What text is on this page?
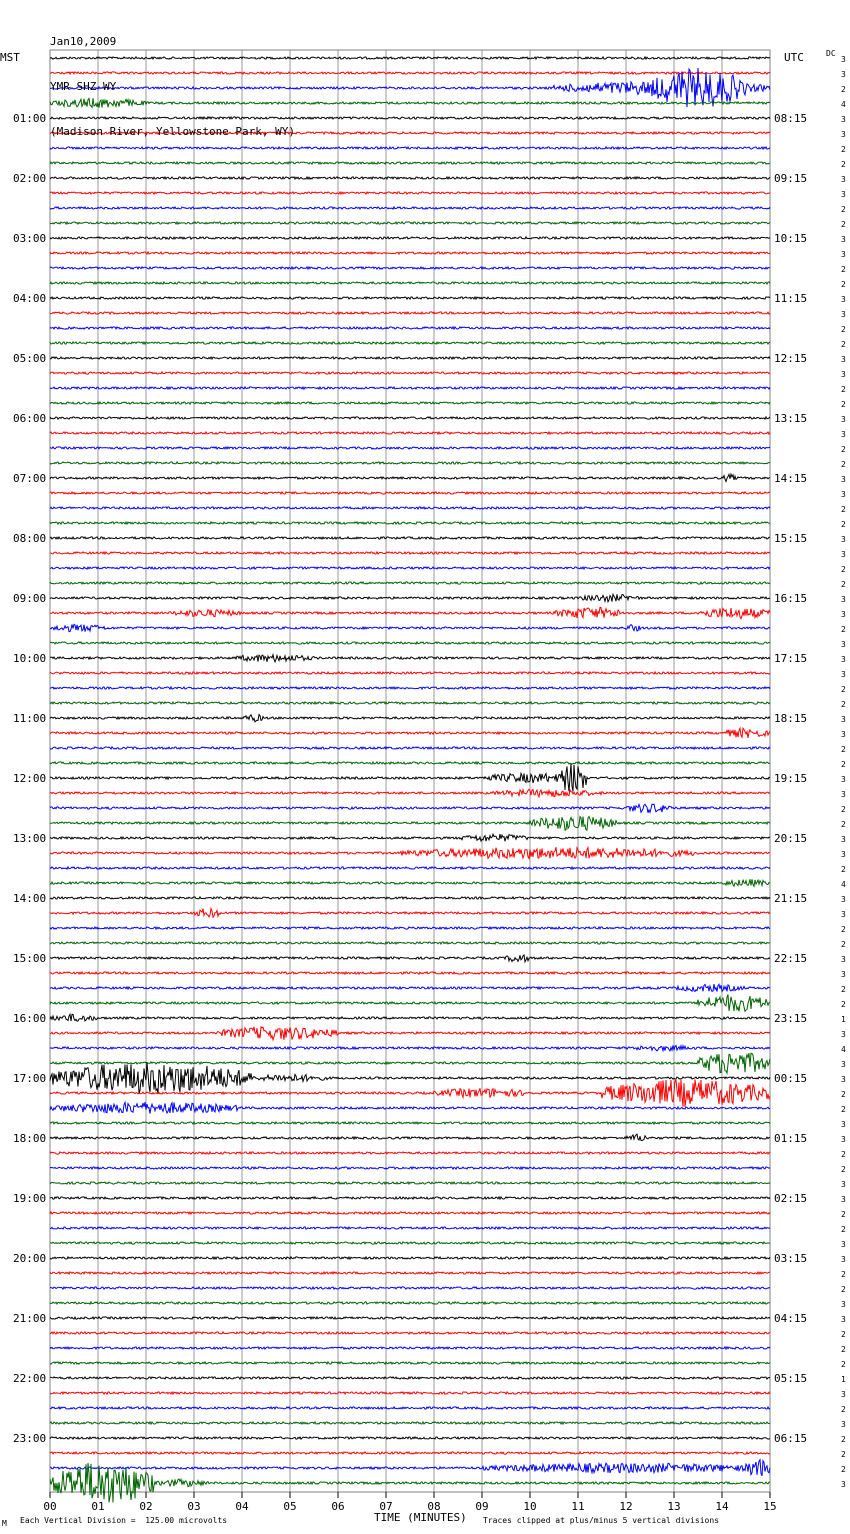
00	01	02	03	04	05	06	07	08	09	10	11	12	13	14	15
3
3
2
4
3
3
2
2
3
3
2
2
3
3
2
2
3
3
2
2
3
3
2
2
3
3
2
2
3
3
2
2
3
3
2
2
3
3
2
3
3
3
2
2
3
3
2
2
3
3
2
2
3
3
2
4
3
3
2
2
3
3
2
2
1
3
4
3
3
2
2
3
3
2
2
3
3
2
2
3
3
2
2
3
3
2
2
2
1
3
2
3
2
2
2
3
01:00
02:00
03:00
04:00
05:00
06:00
07:00
08:00
09:00
10:00
11:00
12:00
13:00
14:00
15:00
16:00
17:00
18:00
19:00
20:00
21:00
22:00
23:00
08:15
09:15
10:15
11:15
12:15
13:15
14:15
15:15
16:15
17:15
18:15
19:15
20:15
21:15
22:15
23:15
00:15
01:15
02:15
03:15
04:15
05:15
06:15

Jan10,2009

YMR SHZ WY

(Madison River, Yellowstone Park, WY)

MST	UTC	DC
M Each Vertical Division =  125.00 microvolts	TIME (MINUTES) Traces clipped at plus/minus 5 vertical divisions
